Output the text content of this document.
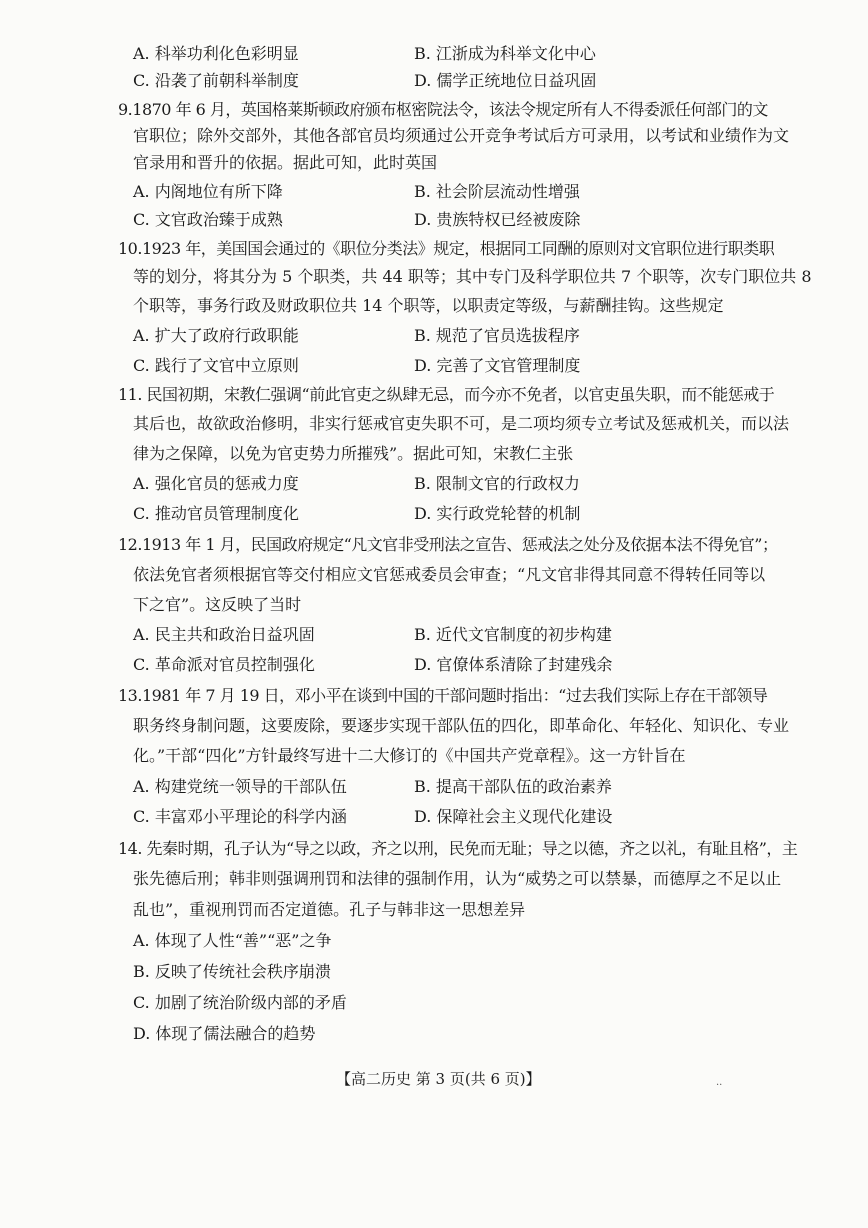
A. 科举功利化色彩明显	B. 江浙成为科举文化中心
C. 沿袭了前朝科举制度	D. 儒学正统地位日益巩固
9.1870 年 6 月，英国格莱斯顿政府颁布枢密院法令，该法令规定所有人不得委派任何部门的文
官职位；除外交部外，其他各部官员均须通过公开竞争考试后方可录用，以考试和业绩作为文
官录用和晋升的依据。据此可知，此时英国
A. 内阁地位有所下降	B. 社会阶层流动性增强
C. 文官政治臻于成熟	D. 贵族特权已经被废除
10.1923 年，美国国会通过的《职位分类法》规定，根据同工同酬的原则对文官职位进行职类职
等的划分，将其分为 5 个职类，共 44 职等；其中专门及科学职位共 7 个职等，次专门职位共 8
个职等，事务行政及财政职位共 14 个职等，以职责定等级，与薪酬挂钩。这些规定
A. 扩大了政府行政职能	B. 规范了官员选拔程序
C. 践行了文官中立原则	D. 完善了文官管理制度
11. 民国初期，宋教仁强调“前此官吏之纵肆无忌，而今亦不免者，以官吏虽失职，而不能惩戒于
其后也，故欲政治修明，非实行惩戒官吏失职不可，是二项均须专立考试及惩戒机关，而以法
律为之保障，以免为官吏势力所摧残”。据此可知，宋教仁主张
A. 强化官员的惩戒力度	B. 限制文官的行政权力
C. 推动官员管理制度化	D. 实行政党轮替的机制
12.1913 年 1 月，民国政府规定“凡文官非受刑法之宣告、惩戒法之处分及依据本法不得免官”；
依法免官者须根据官等交付相应文官惩戒委员会审查；“凡文官非得其同意不得转任同等以
下之官”。这反映了当时
A. 民主共和政治日益巩固	B. 近代文官制度的初步构建
C. 革命派对官员控制强化	D. 官僚体系清除了封建残余
13.1981 年 7 月 19 日，邓小平在谈到中国的干部问题时指出：“过去我们实际上存在干部领导
职务终身制问题，这要废除，要逐步实现干部队伍的四化，即革命化、年轻化、知识化、专业
化。”干部“四化”方针最终写进十二大修订的《中国共产党章程》。这一方针旨在
A. 构建党统一领导的干部队伍	B. 提高干部队伍的政治素养
C. 丰富邓小平理论的科学内涵	D. 保障社会主义现代化建设
14. 先秦时期，孔子认为“导之以政，齐之以刑，民免而无耻；导之以德，齐之以礼，有耻且格”，主
张先德后刑；韩非则强调刑罚和法律的强制作用，认为“威势之可以禁暴，而德厚之不足以止
乱也”，重视刑罚而否定道德。孔子与韩非这一思想差异
A. 体现了人性“善”“恶”之争
B. 反映了传统社会秩序崩溃
C. 加剧了统治阶级内部的矛盾
D. 体现了儒法融合的趋势
【高二历史 第 3 页(共 6 页)】	..
